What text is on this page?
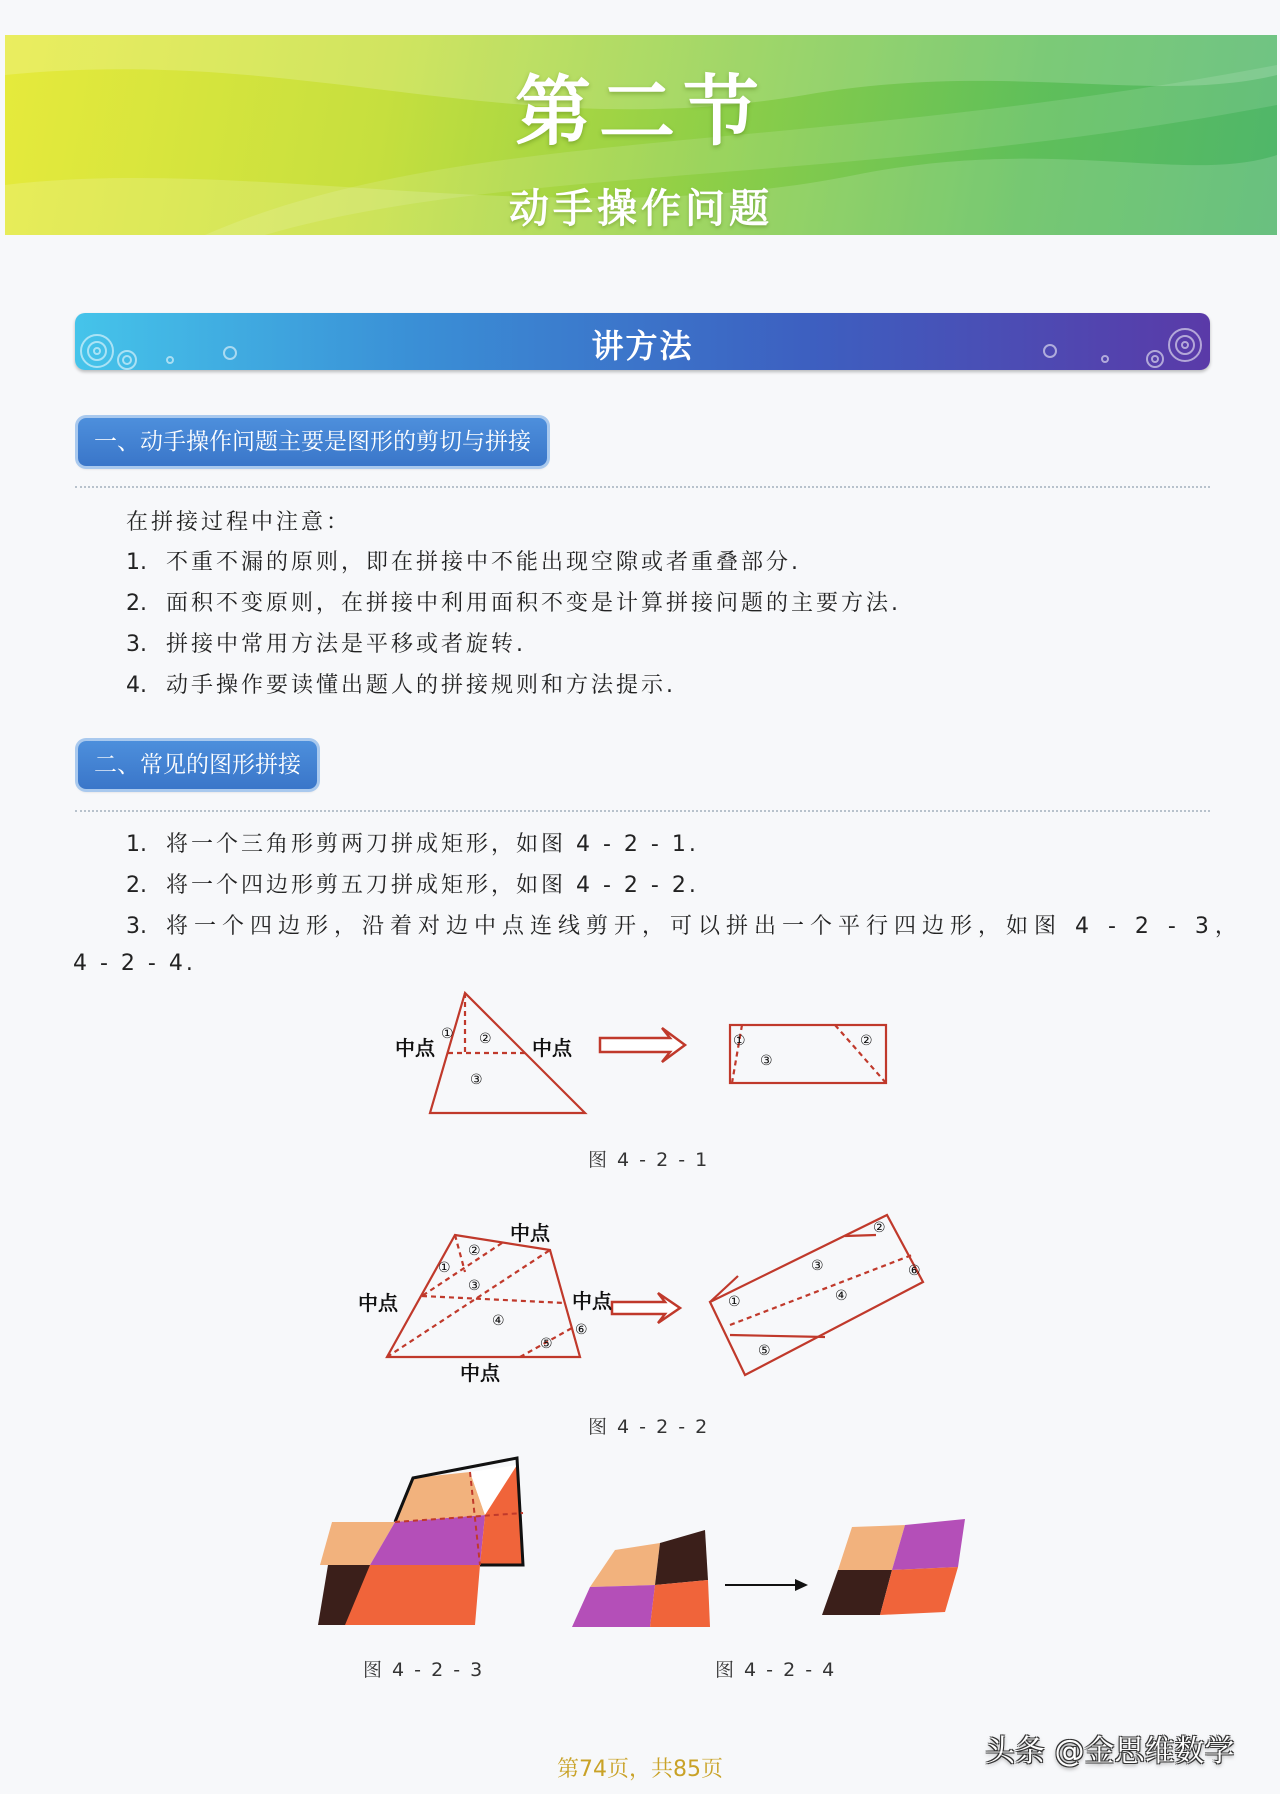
第二节
动手操作问题
讲方法
一、动手操作问题主要是图形的剪切与拼接
在拼接过程中注意：
1. 不重不漏的原则，即在拼接中不能出现空隙或者重叠部分.
2. 面积不变原则，在拼接中利用面积不变是计算拼接问题的主要方法.
3. 拼接中常用方法是平移或者旋转.
4. 动手操作要读懂出题人的拼接规则和方法提示.
二、常见的图形拼接
1. 将一个三角形剪两刀拼成矩形，如图 4 - 2 - 1.
2. 将一个四边形剪五刀拼成矩形，如图 4 - 2 - 2.
3. 将一个四边形，沿着对边中点连线剪开，可以拼出一个平行四边形，如图 4 - 2 - 3，
4 - 2 - 4.
中点	中点
① ②
③
①	②
③
图 4 - 2 - 1
中点
中点	中点
中点
①
②
③
④
⑤
⑥
①
②
③
④
⑤
⑥
图 4 - 2 - 2
图 4 - 2 - 3	图 4 - 2 - 4
第74页，共85页
头条 @金思维数学
